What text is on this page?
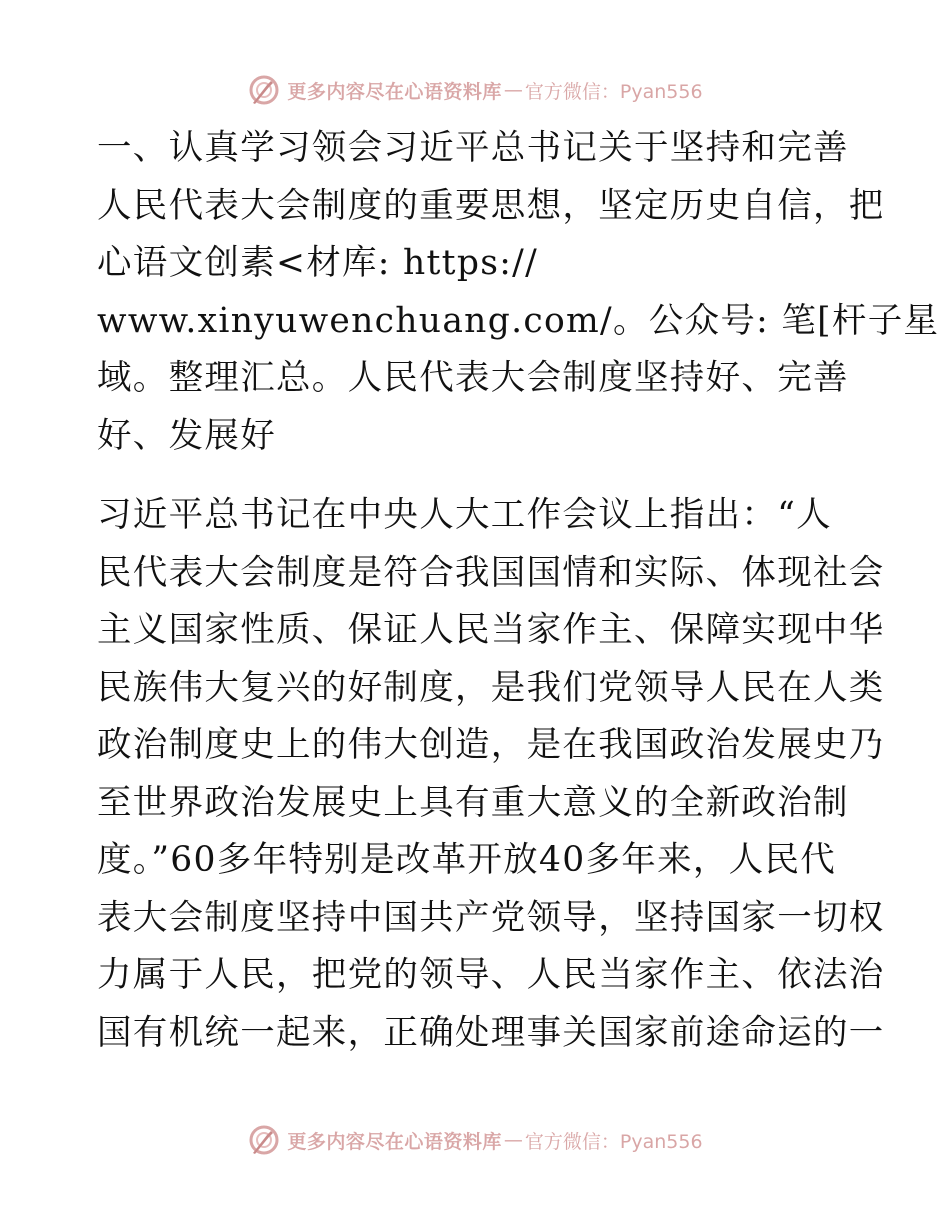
更多内容尽在心语资料库 — 官方微信：Pyan556

一、认真学习领会习近平总书记关于坚持和完善
人民代表大会制度的重要思想，坚定历史自信，把
心语文创素<材库: https://
www.xinyuwenchuang.com/。公众号: 笔[杆子星
域。整理汇总。人民代表大会制度坚持好、完善
好、发展好

习近平总书记在中央人大工作会议上指出：“人
民代表大会制度是符合我国国情和实际、体现社会
主义国家性质、保证人民当家作主、保障实现中华
民族伟大复兴的好制度，是我们党领导人民在人类
政治制度史上的伟大创造，是在我国政治发展史乃
至世界政治发展史上具有重大意义的全新政治制
度。”60多年特别是改革开放40多年来，人民代
表大会制度坚持中国共产党领导，坚持国家一切权
力属于人民，把党的领导、人民当家作主、依法治
国有机统一起来，正确处理事关国家前途命运的一

更多内容尽在心语资料库 — 官方微信：Pyan556
